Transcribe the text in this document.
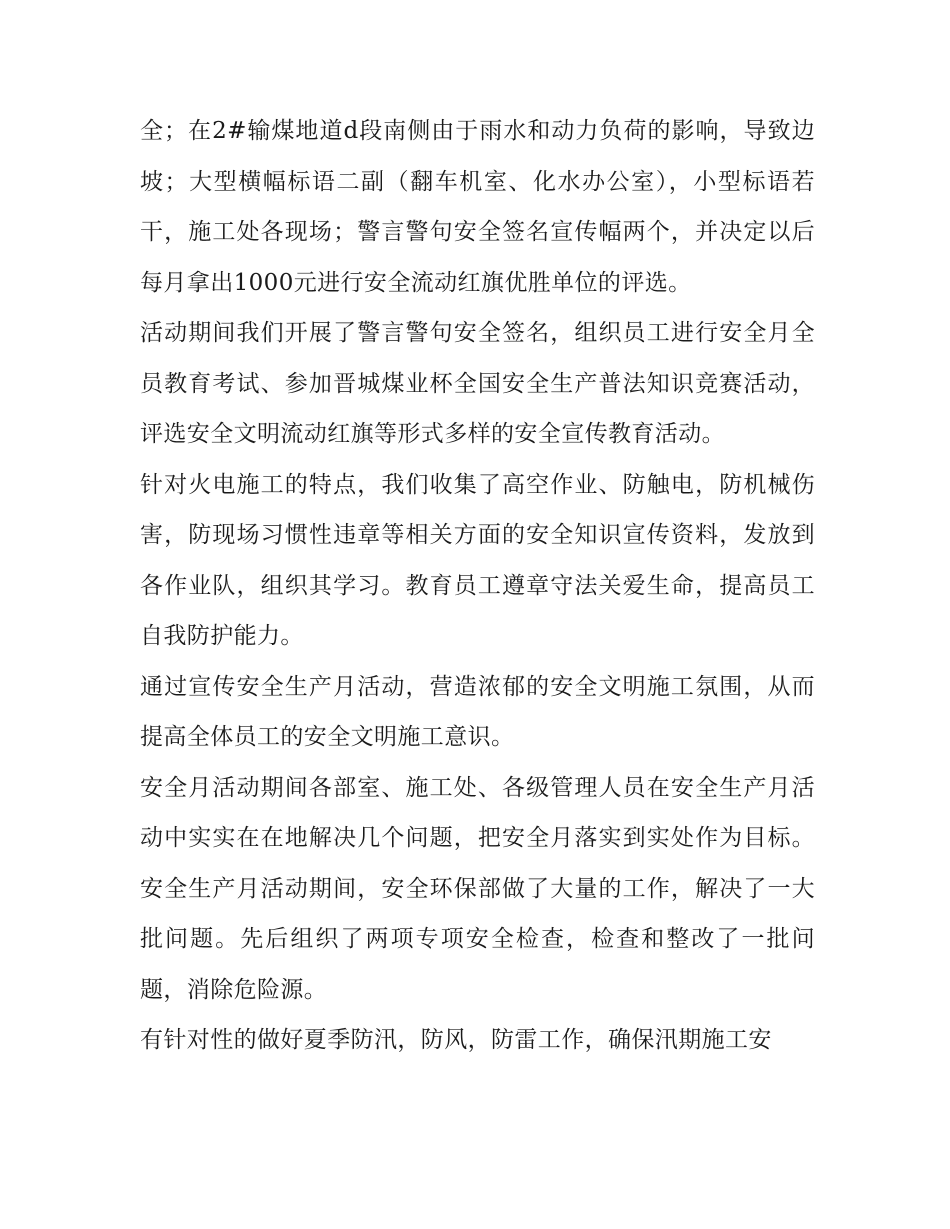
全；在2#输煤地道d段南侧由于雨水和动力负荷的影响，导致边坡；大型横幅标语二副（翻车机室、化水办公室），小型标语若干，施工处各现场；警言警句安全签名宣传幅两个，并决定以后每月拿出1000元进行安全流动红旗优胜单位的评选。

活动期间我们开展了警言警句安全签名，组织员工进行安全月全员教育考试、参加晋城煤业杯全国安全生产普法知识竞赛活动，评选安全文明流动红旗等形式多样的安全宣传教育活动。

针对火电施工的特点，我们收集了高空作业、防触电，防机械伤害，防现场习惯性违章等相关方面的安全知识宣传资料，发放到各作业队，组织其学习。教育员工遵章守法关爱生命，提高员工自我防护能力。

通过宣传安全生产月活动，营造浓郁的安全文明施工氛围，从而提高全体员工的安全文明施工意识。

安全月活动期间各部室、施工处、各级管理人员在安全生产月活动中实实在在地解决几个问题，把安全月落实到实处作为目标。安全生产月活动期间，安全环保部做了大量的工作，解决了一大批问题。先后组织了两项专项安全检查，检查和整改了一批问题，消除危险源。

有针对性的做好夏季防汛，防风，防雷工作，确保汛期施工安
